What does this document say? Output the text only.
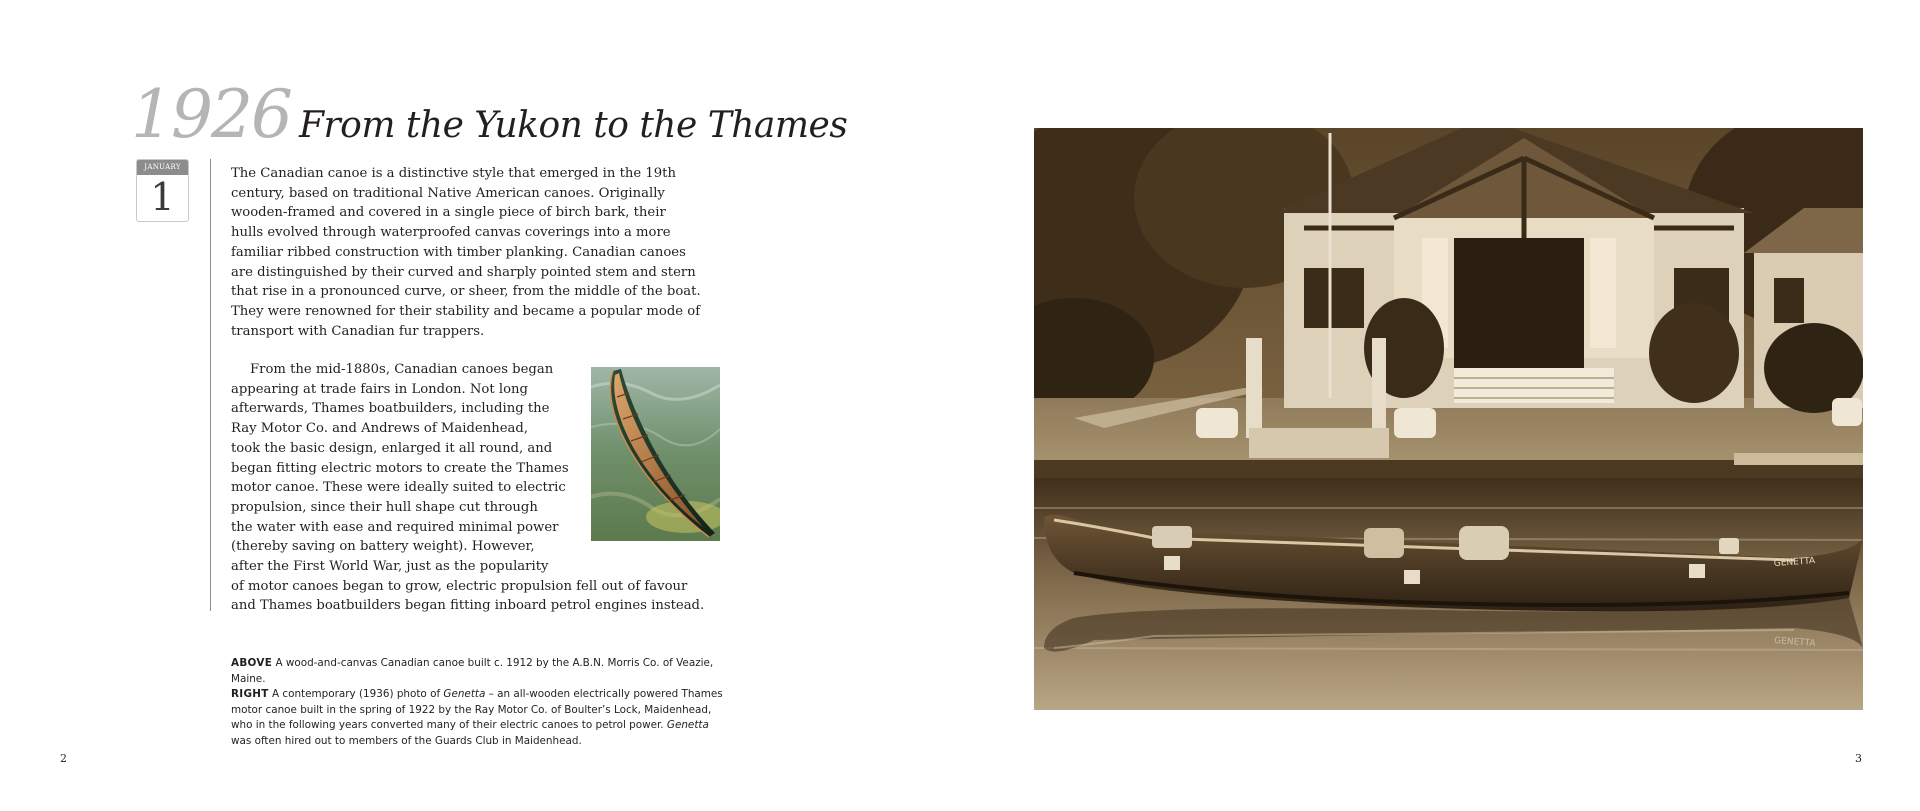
1926 From the Yukon to the Thames
JANUARY
1

The Canadian canoe is a distinctive style that emerged in the 19th
century, based on traditional Native American canoes. Originally
wooden-framed and covered in a single piece of birch bark, their
hulls evolved through waterproofed canvas coverings into a more
familiar ribbed construction with timber planking. Canadian canoes
are distinguished by their curved and sharply pointed stem and stern
that rise in a pronounced curve, or sheer, from the middle of the boat.
They were renowned for their stability and became a popular mode of
transport with Canadian fur trappers.

From the mid-1880s, Canadian canoes began
appearing at trade fairs in London. Not long
afterwards, Thames boatbuilders, including the
Ray Motor Co. and Andrews of Maidenhead,
took the basic design, enlarged it all round, and
began fitting electric motors to create the Thames
motor canoe. These were ideally suited to electric
propulsion, since their hull shape cut through
the water with ease and required minimal power
(thereby saving on battery weight). However,

after the First World War, just as the popularity
of motor canoes began to grow, electric propulsion fell out of favour
and Thames boatbuilders began fitting inboard petrol engines instead.

ABOVE A wood-and-canvas Canadian canoe built c. 1912 by the A.B.N. Morris Co. of Veazie, Maine.
RIGHT A contemporary (1936) photo of Genetta – an all-wooden electrically powered Thames motor canoe built in the spring of 1922 by the Ray Motor Co. of Boulter’s Lock, Maidenhead, who in the following years converted many of their electric canoes to petrol power. Genetta was often hired out to members of the Guards Club in Maidenhead.

2
GENETTA
GENETTA
3
